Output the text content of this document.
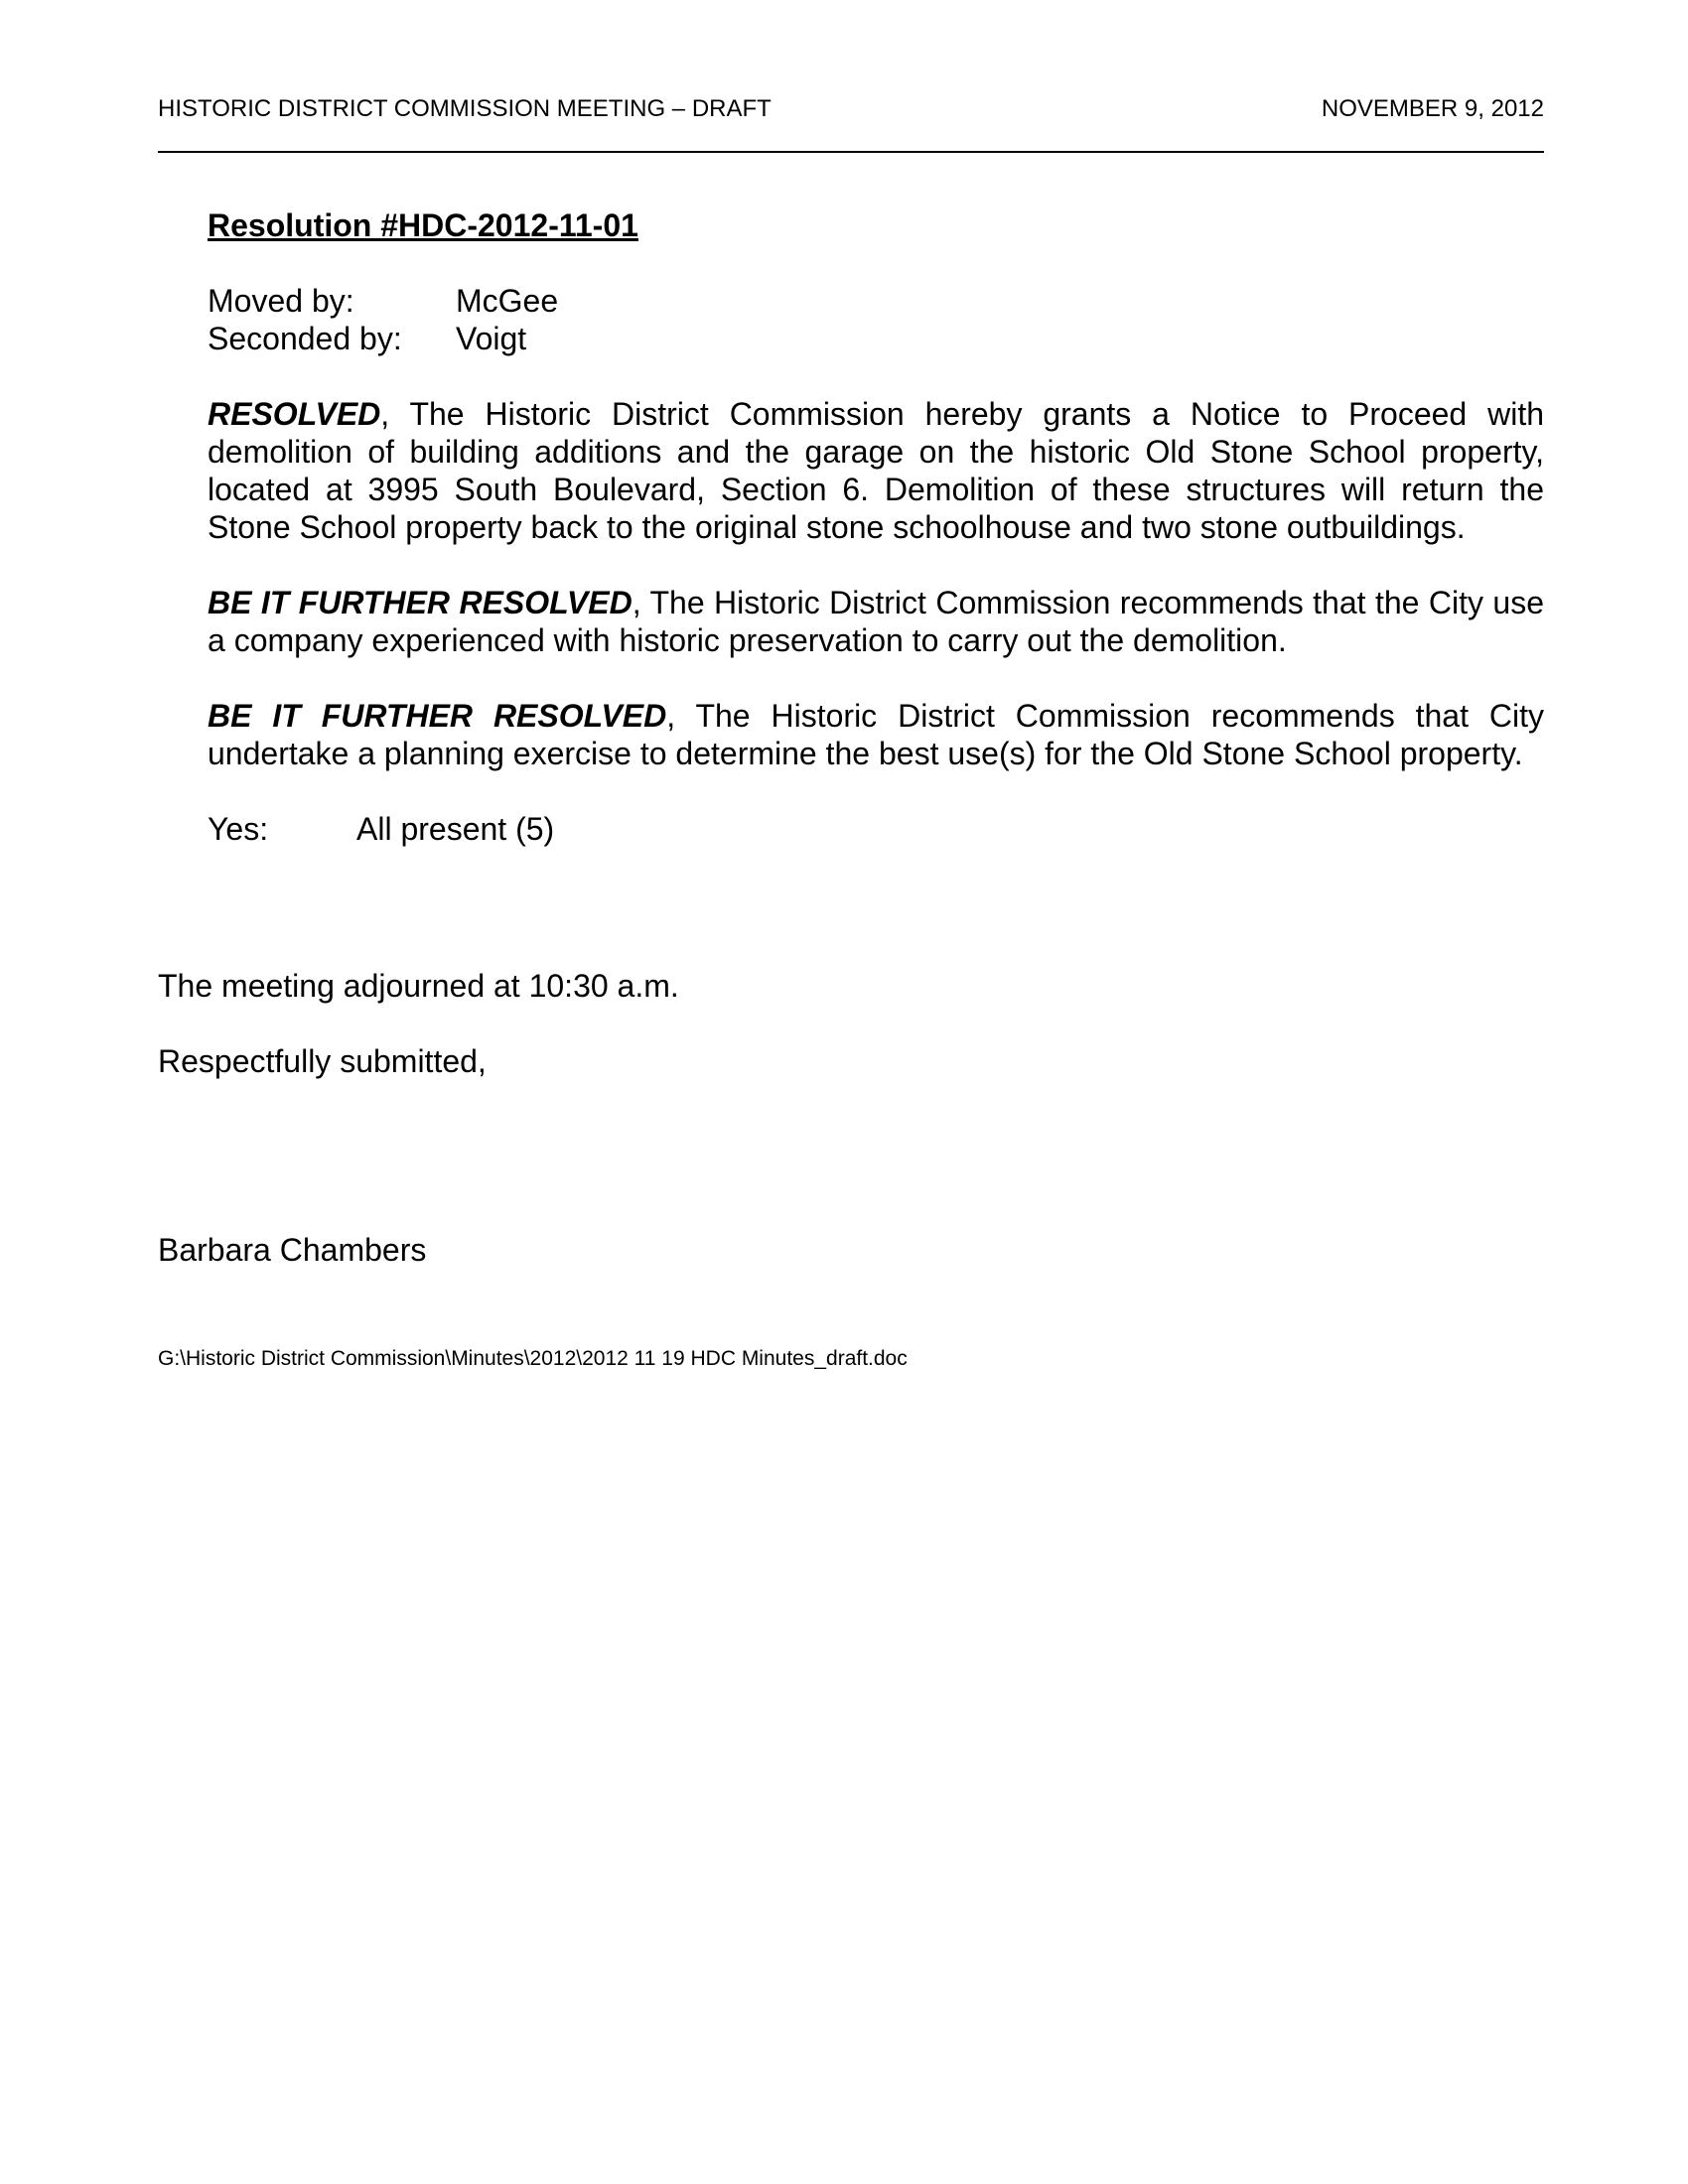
HISTORIC DISTRICT COMMISSION MEETING – DRAFT	NOVEMBER 9, 2012

Resolution #HDC-2012-11-01

Moved by:	McGee
Seconded by:	Voigt

RESOLVED, The Historic District Commission hereby grants a Notice to Proceed with demolition of building additions and the garage on the historic Old Stone School property, located at 3995 South Boulevard, Section 6. Demolition of these structures will return the Stone School property back to the original stone schoolhouse and two stone outbuildings.

BE IT FURTHER RESOLVED, The Historic District Commission recommends that the City use a company experienced with historic preservation to carry out the demolition.

BE IT FURTHER RESOLVED, The Historic District Commission recommends that City undertake a planning exercise to determine the best use(s) for the Old Stone School property.

Yes:	All present (5)
The meeting adjourned at 10:30 a.m.
Respectfully submitted,
Barbara Chambers
G:\Historic District Commission\Minutes\2012\2012 11 19 HDC Minutes_draft.doc
